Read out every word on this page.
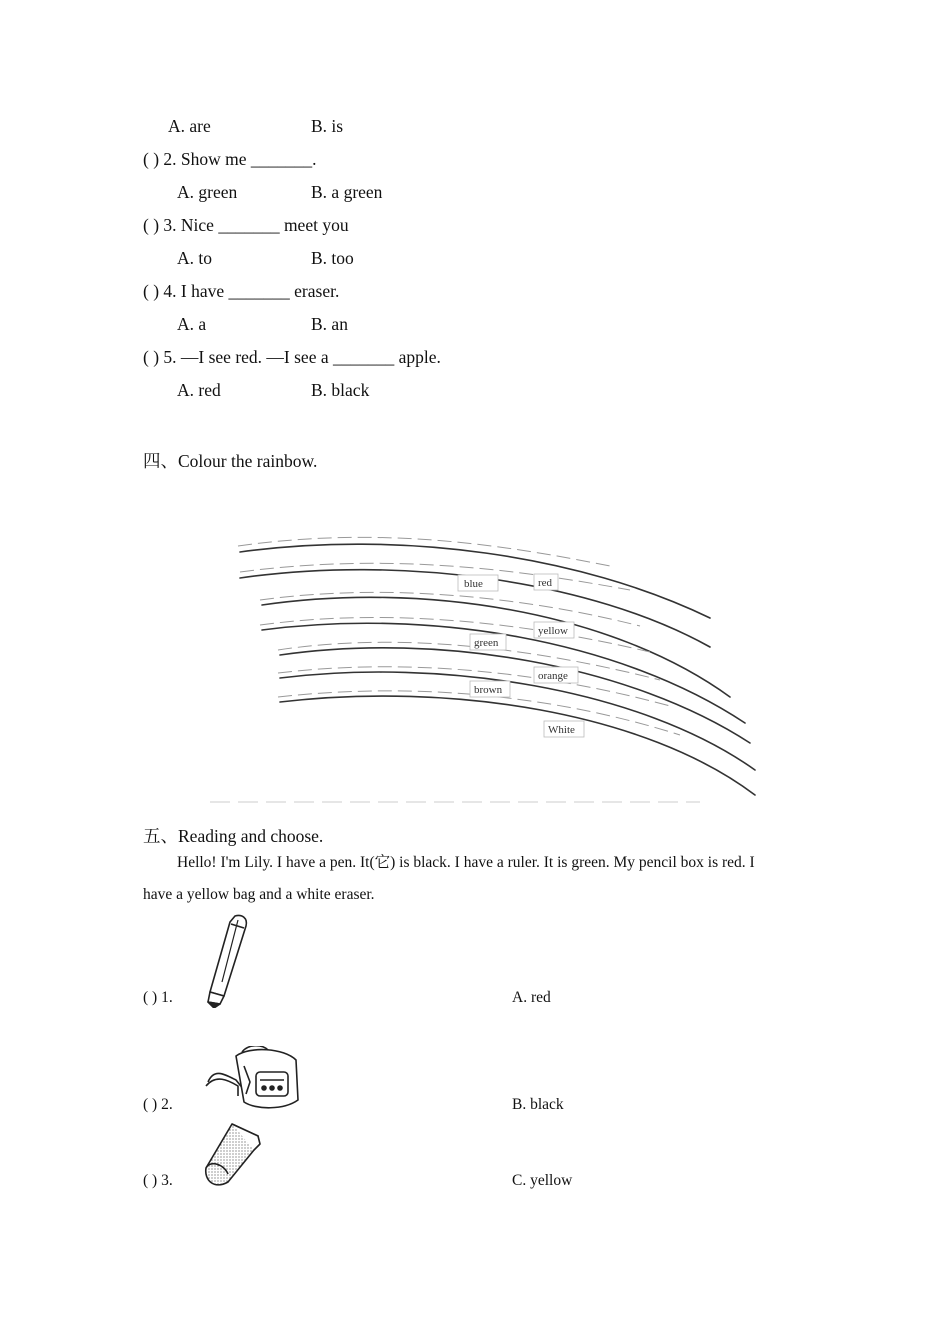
A. are	B. is
( ) 2. Show me _______.
A. green	B. a green
( ) 3. Nice _______ meet you
A. to	B. too
( ) 4. I have _______ eraser.
A. a	B. an
( ) 5. —I see red. —I see a _______ apple.
A. red	B. black
四、Colour the rainbow.
blue	red
yellow
green
orange
brown
White
五、Reading and choose.
Hello! I'm Lily. I have a pen. It(它) is black. I have a ruler. It is green. My pencil box is red. I
have a yellow bag and a white eraser.
( ) 1.	A. red
( ) 2.	B. black
( ) 3.	C. yellow
